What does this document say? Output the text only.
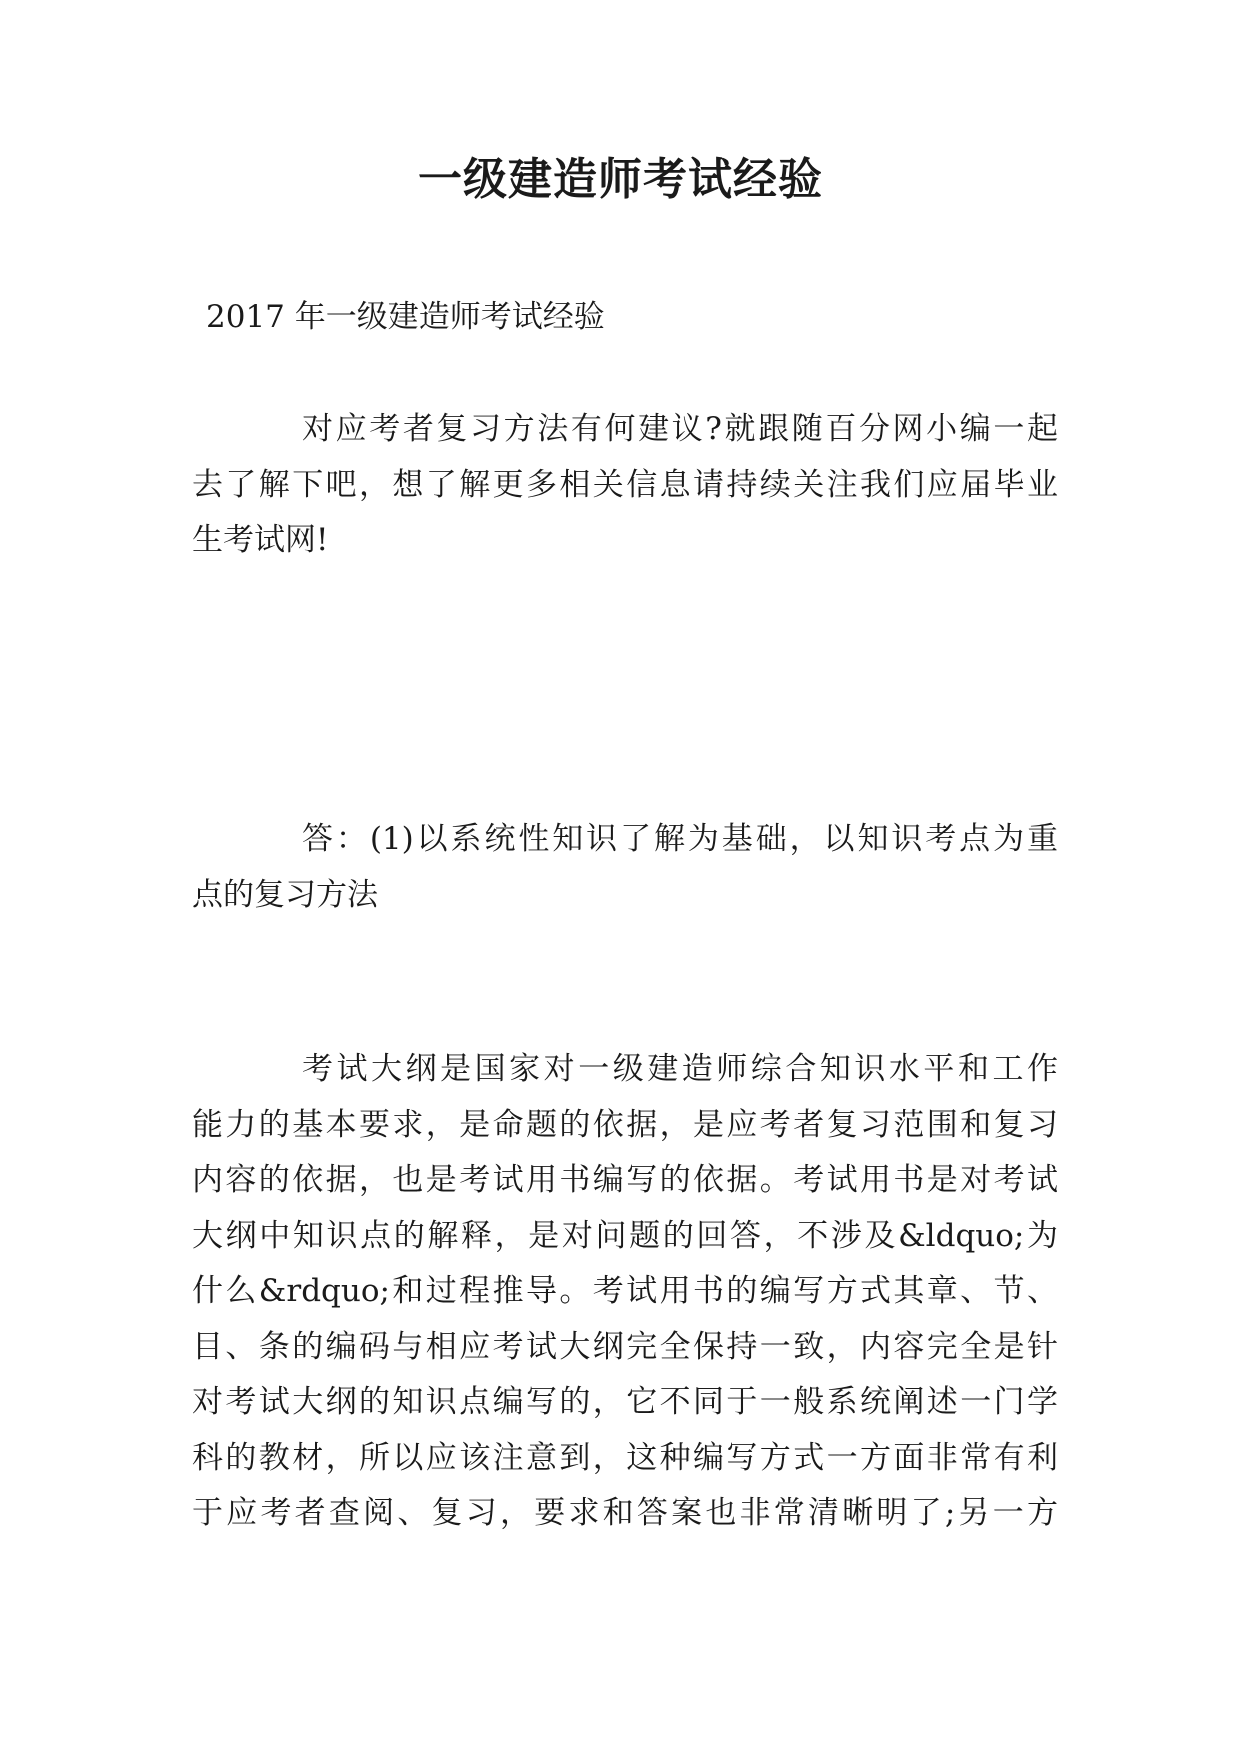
一级建造师考试经验

2017 年一级建造师考试经验

对应考者复习方法有何建议?就跟随百分网小编一起
去了解下吧，想了解更多相关信息请持续关注我们应届毕业
生考试网!

答：(1)以系统性知识了解为基础，以知识考点为重
点的复习方法

考试大纲是国家对一级建造师综合知识水平和工作
能力的基本要求，是命题的依据，是应考者复习范围和复习
内容的依据，也是考试用书编写的依据。考试用书是对考试
大纲中知识点的解释，是对问题的回答，不涉及&ldquo;为
什么&rdquo;和过程推导。考试用书的编写方式其章、节、
目、条的编码与相应考试大纲完全保持一致，内容完全是针
对考试大纲的知识点编写的，它不同于一般系统阐述一门学
科的教材，所以应该注意到，这种编写方式一方面非常有利
于应考者查阅、复习，要求和答案也非常清晰明了;另一方
